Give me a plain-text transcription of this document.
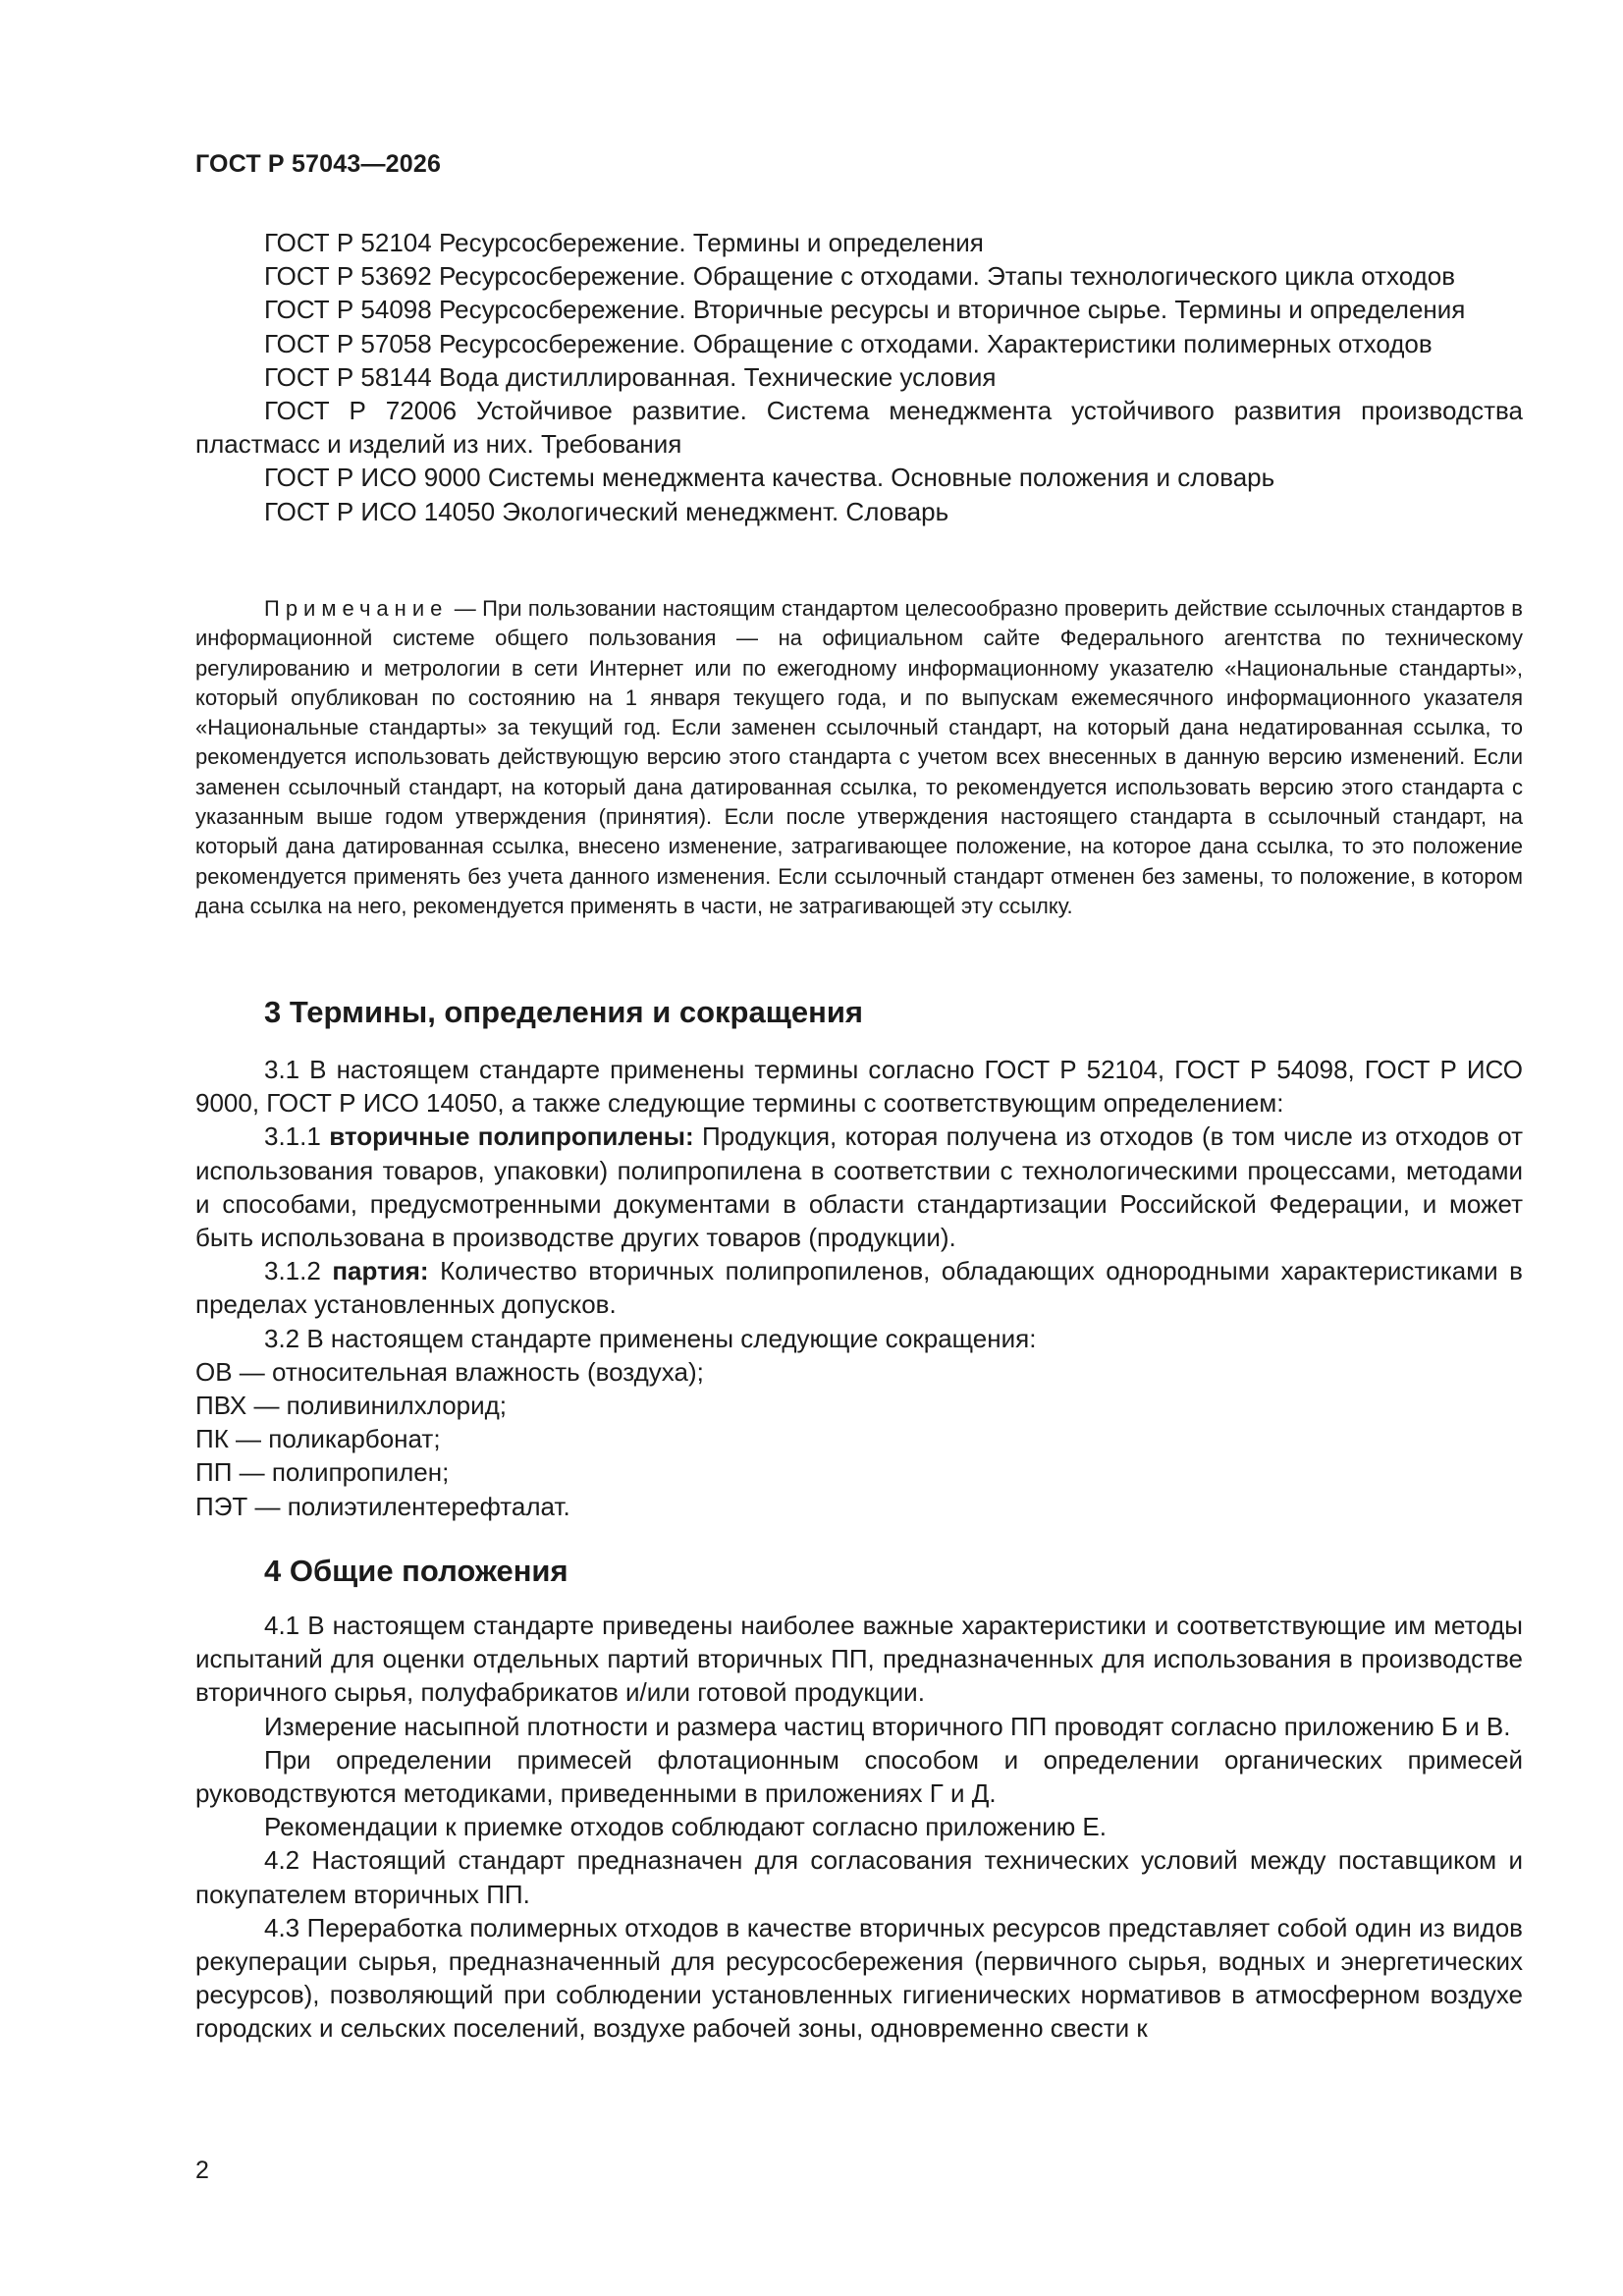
ГОСТ Р 57043—2026

ГОСТ Р 52104 Ресурсосбережение. Термины и определения

ГОСТ Р 53692 Ресурсосбережение. Обращение с отходами. Этапы технологического цикла отходов

ГОСТ Р 54098 Ресурсосбережение. Вторичные ресурсы и вторичное сырье. Термины и определения

ГОСТ Р 57058 Ресурсосбережение. Обращение с отходами. Характеристики полимерных отходов

ГОСТ Р 58144 Вода дистиллированная. Технические условия

ГОСТ Р 72006 Устойчивое развитие. Система менеджмента устойчивого развития производства пластмасс и изделий из них. Требования

ГОСТ Р ИСО 9000 Системы менеджмента качества. Основные положения и словарь

ГОСТ Р ИСО 14050 Экологический менеджмент. Словарь

Примечание — При пользовании настоящим стандартом целесообразно проверить действие ссылочных стандартов в информационной системе общего пользования — на официальном сайте Федерального агентства по техническому регулированию и метрологии в сети Интернет или по ежегодному информационному указателю «Национальные стандарты», который опубликован по состоянию на 1 января текущего года, и по выпускам ежемесячного информационного указателя «Национальные стандарты» за текущий год. Если заменен ссылочный стандарт, на который дана недатированная ссылка, то рекомендуется использовать действующую версию этого стандарта с учетом всех внесенных в данную версию изменений. Если заменен ссылочный стандарт, на который дана датированная ссылка, то рекомендуется использовать версию этого стандарта с указанным выше годом утверждения (принятия). Если после утверждения настоящего стандарта в ссылочный стандарт, на который дана датированная ссылка, внесено изменение, затрагивающее положение, на которое дана ссылка, то это положение рекомендуется применять без учета данного изменения. Если ссылочный стандарт отменен без замены, то положение, в котором дана ссылка на него, рекомендуется применять в части, не затрагивающей эту ссылку.
3 Термины, определения и сокращения

3.1 В настоящем стандарте применены термины согласно ГОСТ Р 52104, ГОСТ Р 54098, ГОСТ Р ИСО 9000, ГОСТ Р ИСО 14050, а также следующие термины с соответствующим определением:

3.1.1 вторичные полипропилены: Продукция, которая получена из отходов (в том числе из отходов от использования товаров, упаковки) полипропилена в соответствии с технологическими процессами, методами и способами, предусмотренными документами в области стандартизации Российской Федерации, и может быть использована в производстве других товаров (продукции).

3.1.2 партия: Количество вторичных полипропиленов, обладающих однородными характеристиками в пределах установленных допусков.

3.2 В настоящем стандарте применены следующие сокращения:

ОВ — относительная влажность (воздуха);

ПВХ — поливинилхлорид;

ПК — поликарбонат;

ПП — полипропилен;

ПЭТ — полиэтилентерефталат.

4 Общие положения

4.1 В настоящем стандарте приведены наиболее важные характеристики и соответствующие им методы испытаний для оценки отдельных партий вторичных ПП, предназначенных для использования в производстве вторичного сырья, полуфабрикатов и/или готовой продукции.

Измерение насыпной плотности и размера частиц вторичного ПП проводят согласно приложению Б и В.

При определении примесей флотационным способом и определении органических примесей руководствуются методиками, приведенными в приложениях Г и Д.

Рекомендации к приемке отходов соблюдают согласно приложению Е.

4.2 Настоящий стандарт предназначен для согласования технических условий между поставщиком и покупателем вторичных ПП.

4.3 Переработка полимерных отходов в качестве вторичных ресурсов представляет собой один из видов рекуперации сырья, предназначенный для ресурсосбережения (первичного сырья, водных и энергетических ресурсов), позволяющий при соблюдении установленных гигиенических нормативов в атмосферном воздухе городских и сельских поселений, воздухе рабочей зоны, одновременно свести к

2
